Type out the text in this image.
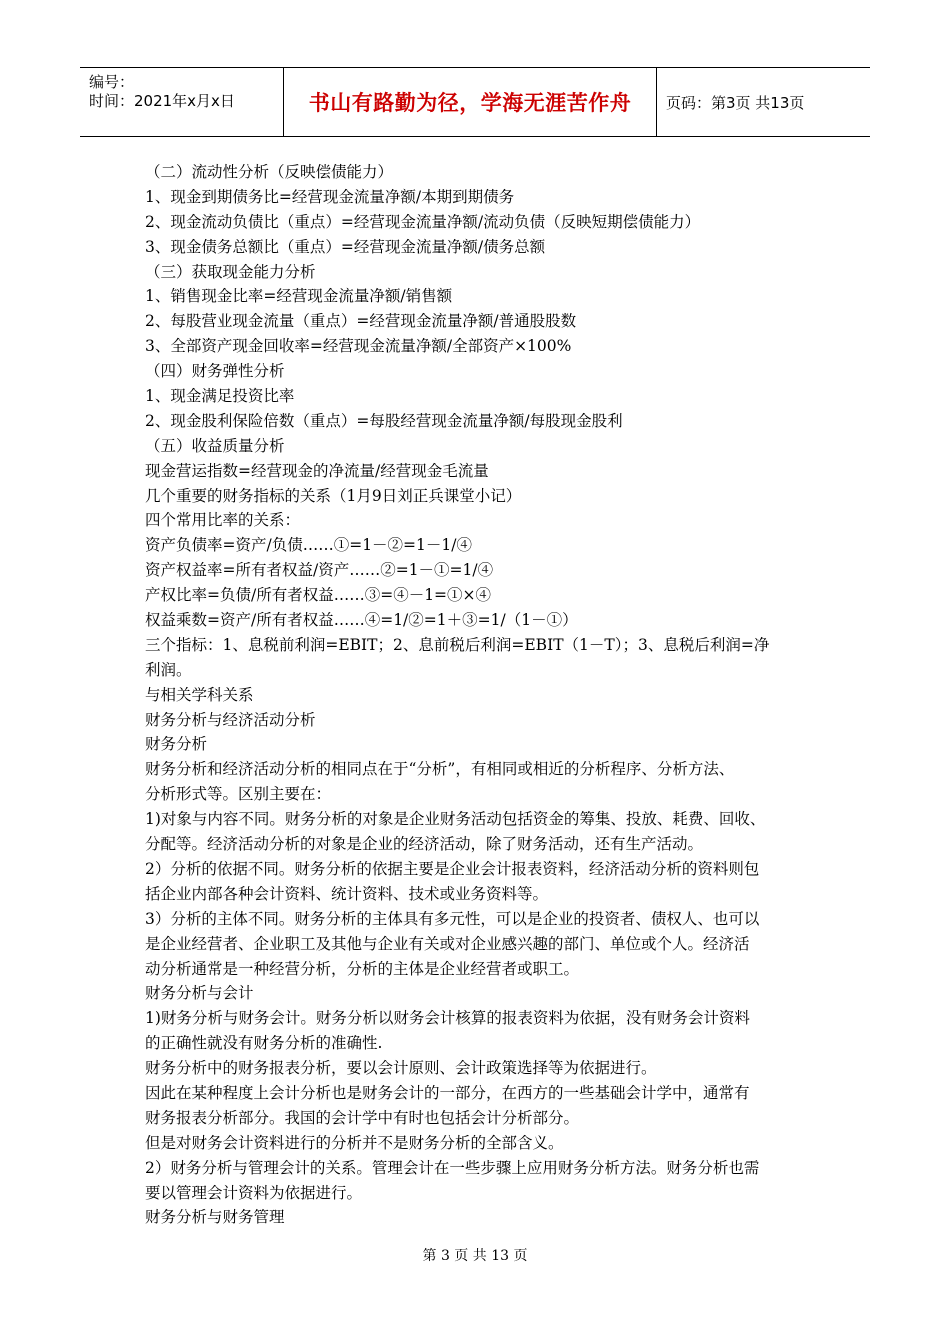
编号：
时间：2021年x月x日	书山有路勤为径，学海无涯苦作舟	页码：第3页 共13页
（二）流动性分析（反映偿债能力）
1、现金到期债务比=经营现金流量净额/本期到期债务
2、现金流动负债比（重点）=经营现金流量净额/流动负债（反映短期偿债能力）
3、现金债务总额比（重点）=经营现金流量净额/债务总额
（三）获取现金能力分析
1、销售现金比率=经营现金流量净额/销售额
2、每股营业现金流量（重点）=经营现金流量净额/普通股股数
3、全部资产现金回收率=经营现金流量净额/全部资产×100%
（四）财务弹性分析
1、现金满足投资比率
2、现金股利保险倍数（重点）=每股经营现金流量净额/每股现金股利
（五）收益质量分析
现金营运指数=经营现金的净流量/经营现金毛流量
几个重要的财务指标的关系（1月9日刘正兵课堂小记）
四个常用比率的关系：
资产负债率=资产/负债……①=1－②=1－1/④
资产权益率=所有者权益/资产……②=1－①=1/④
产权比率=负债/所有者权益……③=④－1=①×④
权益乘数=资产/所有者权益……④=1/②=1＋③=1/（1－①）
三个指标：1、息税前利润=EBIT；2、息前税后利润=EBIT（1－T）；3、息税后利润=净
利润。
与相关学科关系
财务分析与经济活动分析
财务分析
财务分析和经济活动分析的相同点在于“分析”，有相同或相近的分析程序、分析方法、
分析形式等。区别主要在：
1)对象与内容不同。财务分析的对象是企业财务活动包括资金的筹集、投放、耗费、回收、
分配等。经济活动分析的对象是企业的经济活动，除了财务活动，还有生产活动。
2）分析的依据不同。财务分析的依据主要是企业会计报表资料，经济活动分析的资料则包
括企业内部各种会计资料、统计资料、技术或业务资料等。
3）分析的主体不同。财务分析的主体具有多元性，可以是企业的投资者、债权人、也可以
是企业经营者、企业职工及其他与企业有关或对企业感兴趣的部门、单位或个人。经济活
动分析通常是一种经营分析，分析的主体是企业经营者或职工。
财务分析与会计
1)财务分析与财务会计。财务分析以财务会计核算的报表资料为依据，没有财务会计资料
的正确性就没有财务分析的准确性.
财务分析中的财务报表分析，要以会计原则、会计政策选择等为依据进行。
因此在某种程度上会计分析也是财务会计的一部分，在西方的一些基础会计学中，通常有
财务报表分析部分。我国的会计学中有时也包括会计分析部分。
但是对财务会计资料进行的分析并不是财务分析的全部含义。
2）财务分析与管理会计的关系。管理会计在一些步骤上应用财务分析方法。财务分析也需
要以管理会计资料为依据进行。
财务分析与财务管理
第 3 页 共 13 页
